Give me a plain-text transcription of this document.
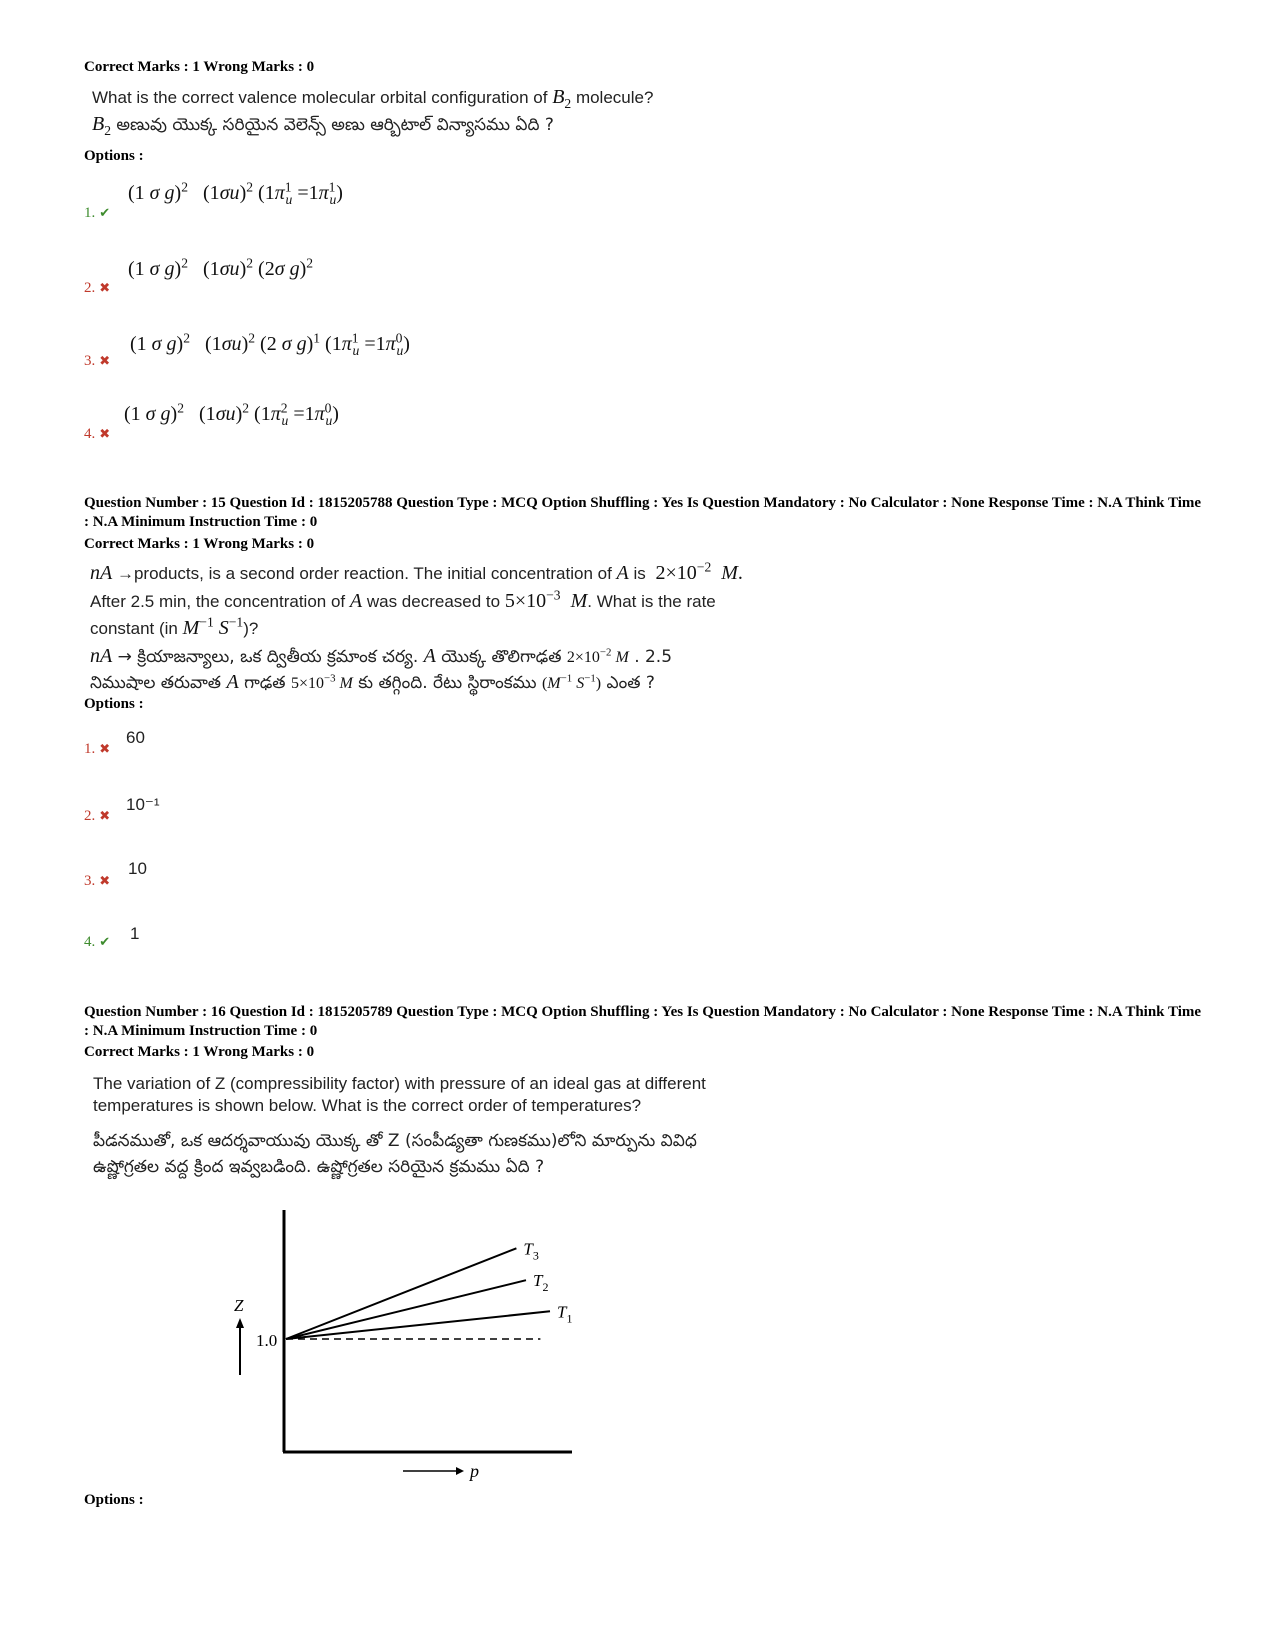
Correct Marks : 1 Wrong Marks : 0
What is the correct valence molecular orbital configuration of $B_2$ molecule?
$B_2$ అణువు యొక్క సరియైన వెలెన్స్ అణు ఆర్బిటాల్ విన్యాసము ఏది ?
Options :
(1 σ g)$^2$   $(1\sigma u)^2$ $(1\pi^1_u =1\pi^1_u)$
1. ✔
(1 σ g)$^2$   $(1\sigma u)^2$ (2σ g)$^2$
2. ✖
(1 σ g)$^2$   $(1\sigma u)^2$ (2 σ g)$^1$ $(1\pi^1_u =1\pi^0_u)$
3. ✖
(1 σ g)$^2$   $(1\sigma u)^2$ $(1\pi^2_u =1\pi^0_u)$
4. ✖
Question Number : 15 Question Id : 1815205788 Question Type : MCQ Option Shuffling : Yes Is Question Mandatory : No Calculator : None Response Time : N.A Think Time : N.A Minimum Instruction Time : 0
Correct Marks : 1 Wrong Marks : 0
nA →products, is a second order reaction. The initial concentration of A is  $2\times 10^{-2}$ M.
After 2.5 min, the concentration of A was decreased to $5\times 10^{-3}$ M. What is the rate
constant (in $M^{-1}$ $S^{-1}$)?
nA → క్రియాజన్యాలు, ఒక ద్వితీయ క్రమాంక చర్య. A యొక్క తొలిగాఢత $2\times 10^{-2}$ M . 2.5
నిముషాల తరువాత A గాఢత $5\times 10^{-3}$ M కు తగ్గింది. రేటు స్థిరాంకము ($M^{-1}$ $S^{-1}$) ఎంత ?
Options :
60
1. ✖
10⁻¹
2. ✖
10
3. ✖
1
4. ✔
Question Number : 16 Question Id : 1815205789 Question Type : MCQ Option Shuffling : Yes Is Question Mandatory : No Calculator : None Response Time : N.A Think Time : N.A Minimum Instruction Time : 0
Correct Marks : 1 Wrong Marks : 0
The variation of Z (compressibility factor) with pressure of an ideal gas at different
temperatures is shown below. What is the correct order of temperatures?
పీడనముతో, ఒక ఆదర్శవాయువు యొక్క తో Z (సంపీడ్యతా గుణకము)లోని మార్పును వివిధ
ఉష్ణోగ్రతల వద్ద క్రింద ఇవ్వబడింది. ఉష్ణోగ్రతల సరియైన క్రమము ఏది ?
Z
1.0
p
$T_3$
$T_2$
$T_1$
Options :
